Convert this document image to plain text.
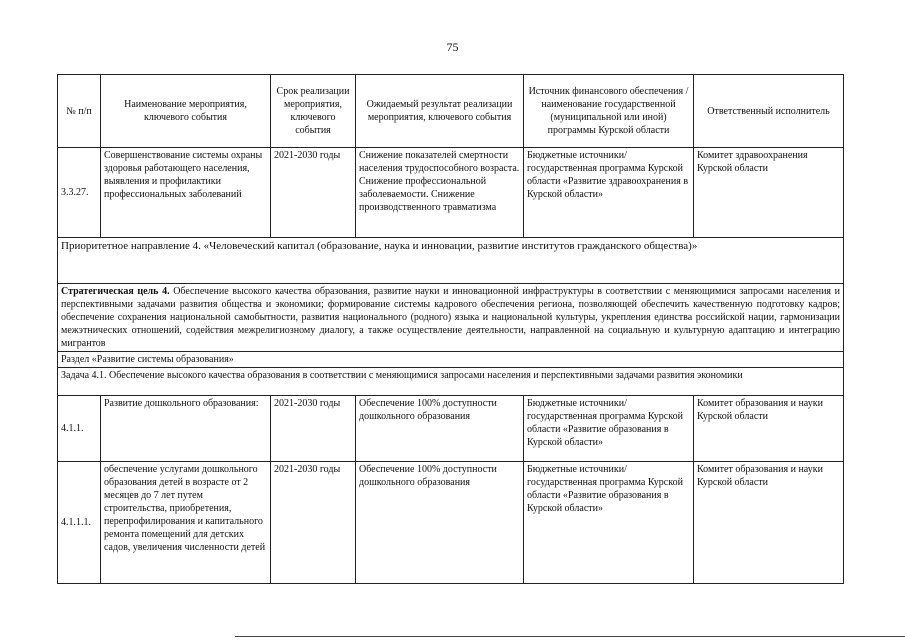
75
№ п/п	Наименование мероприятия, ключевого события	Срок реализации мероприятия, ключевого события	Ожидаемый результат реализации мероприятия, ключевого события	Источник финансового обеспечения / наименование государственной (муниципальной или иной) программы Курской области	Ответственный исполнитель
3.3.27.	Совершенствование системы охраны здоровья работающего населения, выявления и профилактики профессиональных заболеваний	2021-2030 годы	Снижение показателей смертности населения трудоспособного возраста. Снижение профессиональной заболеваемости. Снижение производственного травматизма	Бюджетные источники/государственная программа Курской области «Развитие здравоохранения в Курской области»	Комитет здравоохранения Курской области
Приоритетное направление 4. «Человеческий капитал (образование, наука и инновации, развитие институтов гражданского общества)»					
Стратегическая цель 4. Обеспечение высокого качества образования, развитие науки и инновационной инфраструктуры в соответствии с меняющимися запросами населения и перспективными задачами развития общества и экономики; формирование системы кадрового обеспечения региона, позволяющей обеспечить качественную подготовку кадров; обеспечение сохранения национальной самобытности, развития национального (родного) языка и национальной культуры, укрепления единства российской нации, гармонизации межэтнических отношений, содействия межрелигиозному диалогу, а также осуществление деятельности, направленной на социальную и культурную адаптацию и интеграцию мигрантов					
Раздел «Развитие системы образования»					
Задача 4.1. Обеспечение высокого качества образования в соответствии с меняющимися запросами населения и перспективными задачами развития экономики					
4.1.1.	Развитие дошкольного образования:	2021-2030 годы	Обеспечение 100% доступности дошкольного образования	Бюджетные источники/государственная программа Курской области «Развитие образования в Курской области»	Комитет образования и науки Курской области
4.1.1.1.	обеспечение услугами дошкольного образования детей в возрасте от 2 месяцев до 7 лет путем строительства, приобретения, перепрофилирования и капитального ремонта помещений для детских садов, увеличения численности детей	2021-2030 годы	Обеспечение 100% доступности дошкольного образования	Бюджетные источники/государственная программа Курской области «Развитие образования в Курской области»	Комитет образования и науки Курской области
